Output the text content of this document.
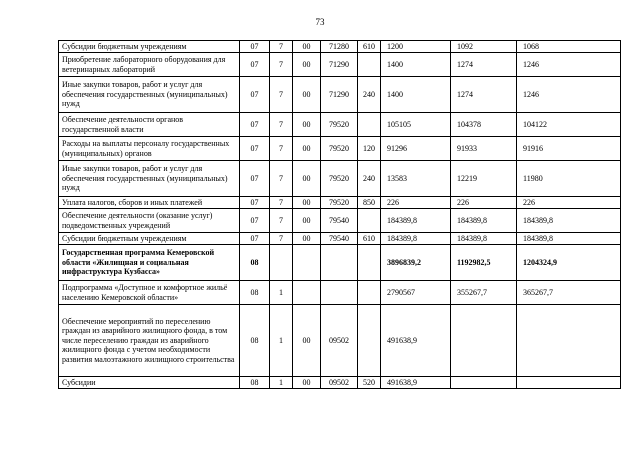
73
Субсидии бюджетным учреждениям	07	7	00	71280	610	1200	1092	1068
Приобретение лабораторного оборудования для ветеринарных лабораторий	07	7	00	71290		1400	1274	1246
Иные закупки товаров, работ и услуг для обеспечения государственных (муниципальных) нужд	07	7	00	71290	240	1400	1274	1246
Обеспечение деятельности органов государственной власти	07	7	00	79520		105105	104378	104122
Расходы на выплаты персоналу государственных (муниципальных) органов	07	7	00	79520	120	91296	91933	91916
Иные закупки товаров, работ и услуг для обеспечения государственных (муниципальных) нужд	07	7	00	79520	240	13583	12219	11980
Уплата налогов, сборов и иных платежей	07	7	00	79520	850	226	226	226
Обеспечение деятельности (оказание услуг) подведомственных учреждений	07	7	00	79540		184389,8	184389,8	184389,8
Субсидии бюджетным учреждениям	07	7	00	79540	610	184389,8	184389,8	184389,8
Государственная программа Кемеровской области «Жилищная и социальная инфраструктура Кузбасса»	08					3896839,2	1192982,5	1204324,9
Подпрограмма «Доступное и комфортное жильё населению Кемеровской области»	08	1				2790567	355267,7	365267,7
Обеспечение мероприятий по переселению граждан из аварийного жилищного фонда, в том числе переселению граждан из аварийного жилищного фонда с учетом необходимости развития малоэтажного жилищного строительства	08	1	00	09502		491638,9		
Субсидии	08	1	00	09502	520	491638,9		
